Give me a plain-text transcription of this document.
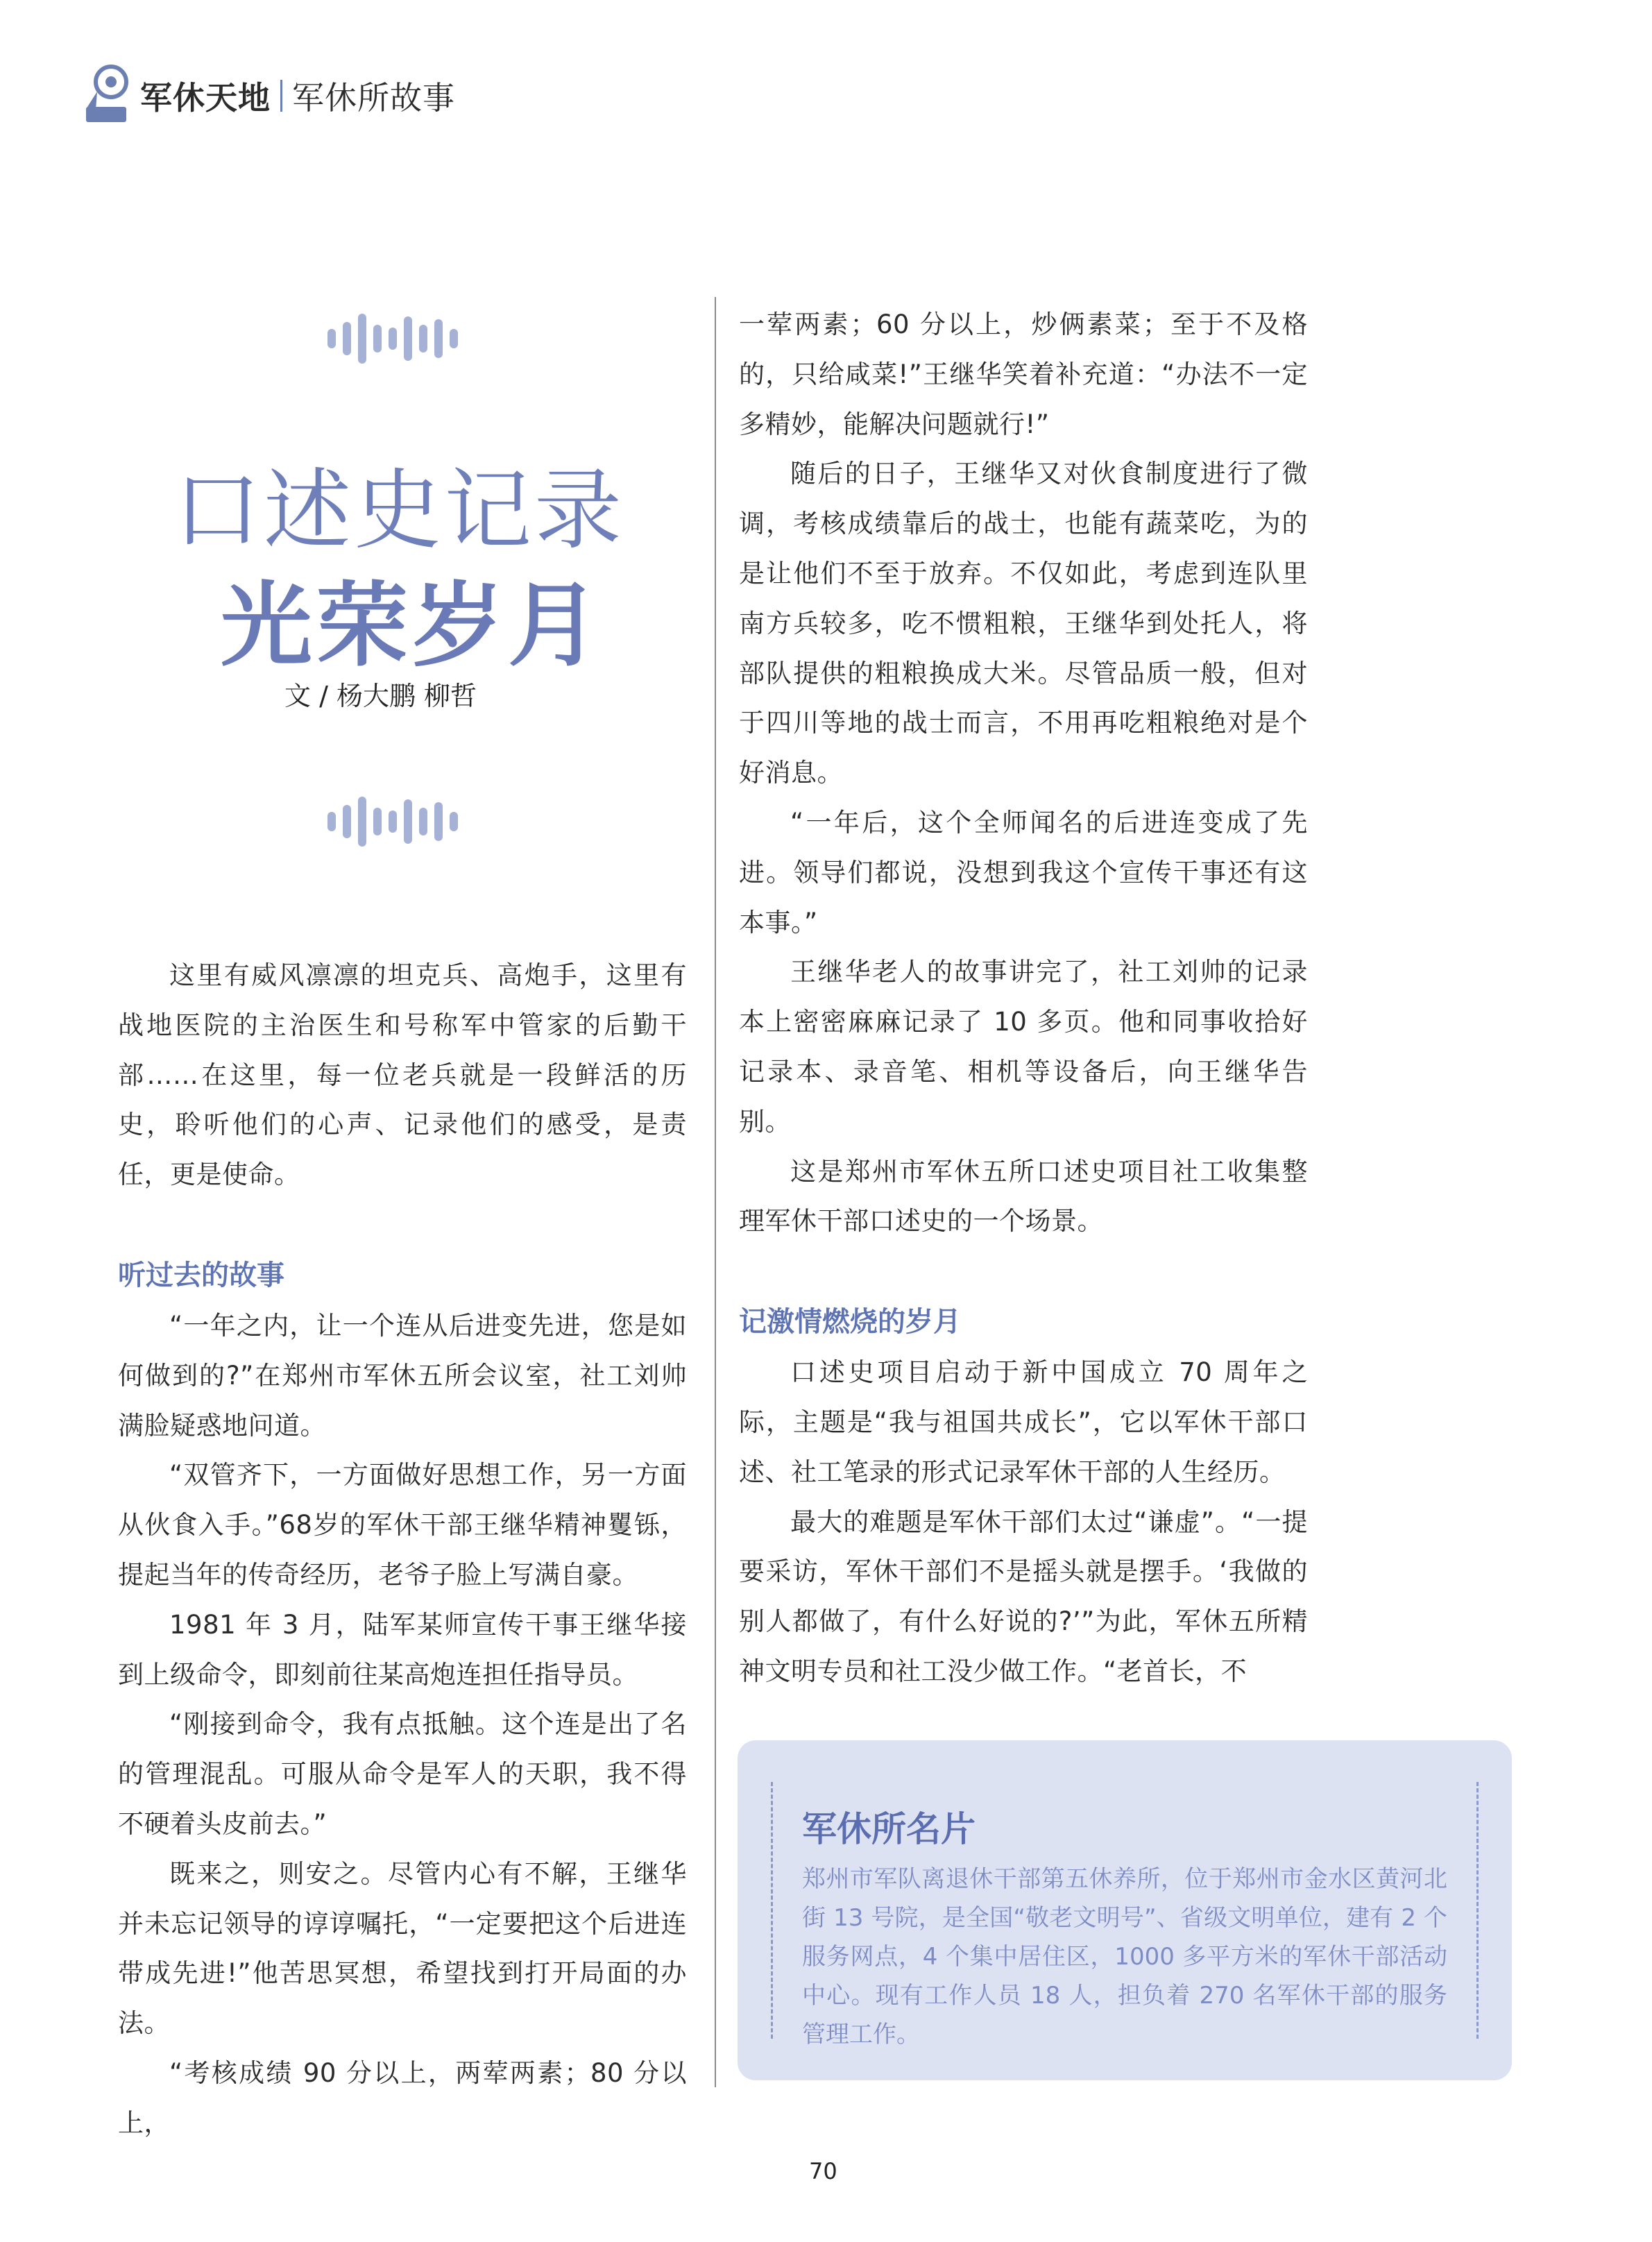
军休天地 军休所故事
口述史记录
光荣岁月
文 / 杨大鹏 柳哲

这里有威风凛凛的坦克兵、高炮手，这里有战地医院的主治医生和号称军中管家的后勤干部……在这里，每一位老兵就是一段鲜活的历史，聆听他们的心声、记录他们的感受，是责任，更是使命。

听过去的故事

“一年之内，让一个连从后进变先进，您是如何做到的?”在郑州市军休五所会议室，社工刘帅满脸疑惑地问道。

“双管齐下，一方面做好思想工作，另一方面从伙食入手。”68岁的军休干部王继华精神矍铄，提起当年的传奇经历，老爷子脸上写满自豪。

1981 年 3 月，陆军某师宣传干事王继华接到上级命令，即刻前往某高炮连担任指导员。

“刚接到命令，我有点抵触。这个连是出了名的管理混乱。可服从命令是军人的天职，我不得不硬着头皮前去。”

既来之，则安之。尽管内心有不解，王继华并未忘记领导的谆谆嘱托，“一定要把这个后进连带成先进!”他苦思冥想，希望找到打开局面的办法。

“考核成绩 90 分以上，两荤两素；80 分以上，

一荤两素；60 分以上，炒俩素菜；至于不及格的，只给咸菜!”王继华笑着补充道：“办法不一定多精妙，能解决问题就行!”

随后的日子，王继华又对伙食制度进行了微调，考核成绩靠后的战士，也能有蔬菜吃，为的是让他们不至于放弃。不仅如此，考虑到连队里南方兵较多，吃不惯粗粮，王继华到处托人，将部队提供的粗粮换成大米。尽管品质一般，但对于四川等地的战士而言，不用再吃粗粮绝对是个好消息。

“一年后，这个全师闻名的后进连变成了先进。领导们都说，没想到我这个宣传干事还有这本事。”

王继华老人的故事讲完了，社工刘帅的记录本上密密麻麻记录了 10 多页。他和同事收拾好记录本、录音笔、相机等设备后，向王继华告别。

这是郑州市军休五所口述史项目社工收集整理军休干部口述史的一个场景。

记激情燃烧的岁月

口述史项目启动于新中国成立 70 周年之际，主题是“我与祖国共成长”，它以军休干部口述、社工笔录的形式记录军休干部的人生经历。

最大的难题是军休干部们太过“谦虚”。“一提要采访，军休干部们不是摇头就是摆手。‘我做的别人都做了，有什么好说的?’”为此，军休五所精神文明专员和社工没少做工作。“老首长，不

军休所名片
郑州市军队离退休干部第五休养所，位于郑州市金水区黄河北街 13 号院，是全国“敬老文明号”、省级文明单位，建有 2 个服务网点，4 个集中居住区，1000 多平方米的军休干部活动中心。现有工作人员 18 人，担负着 270 名军休干部的服务管理工作。
70
